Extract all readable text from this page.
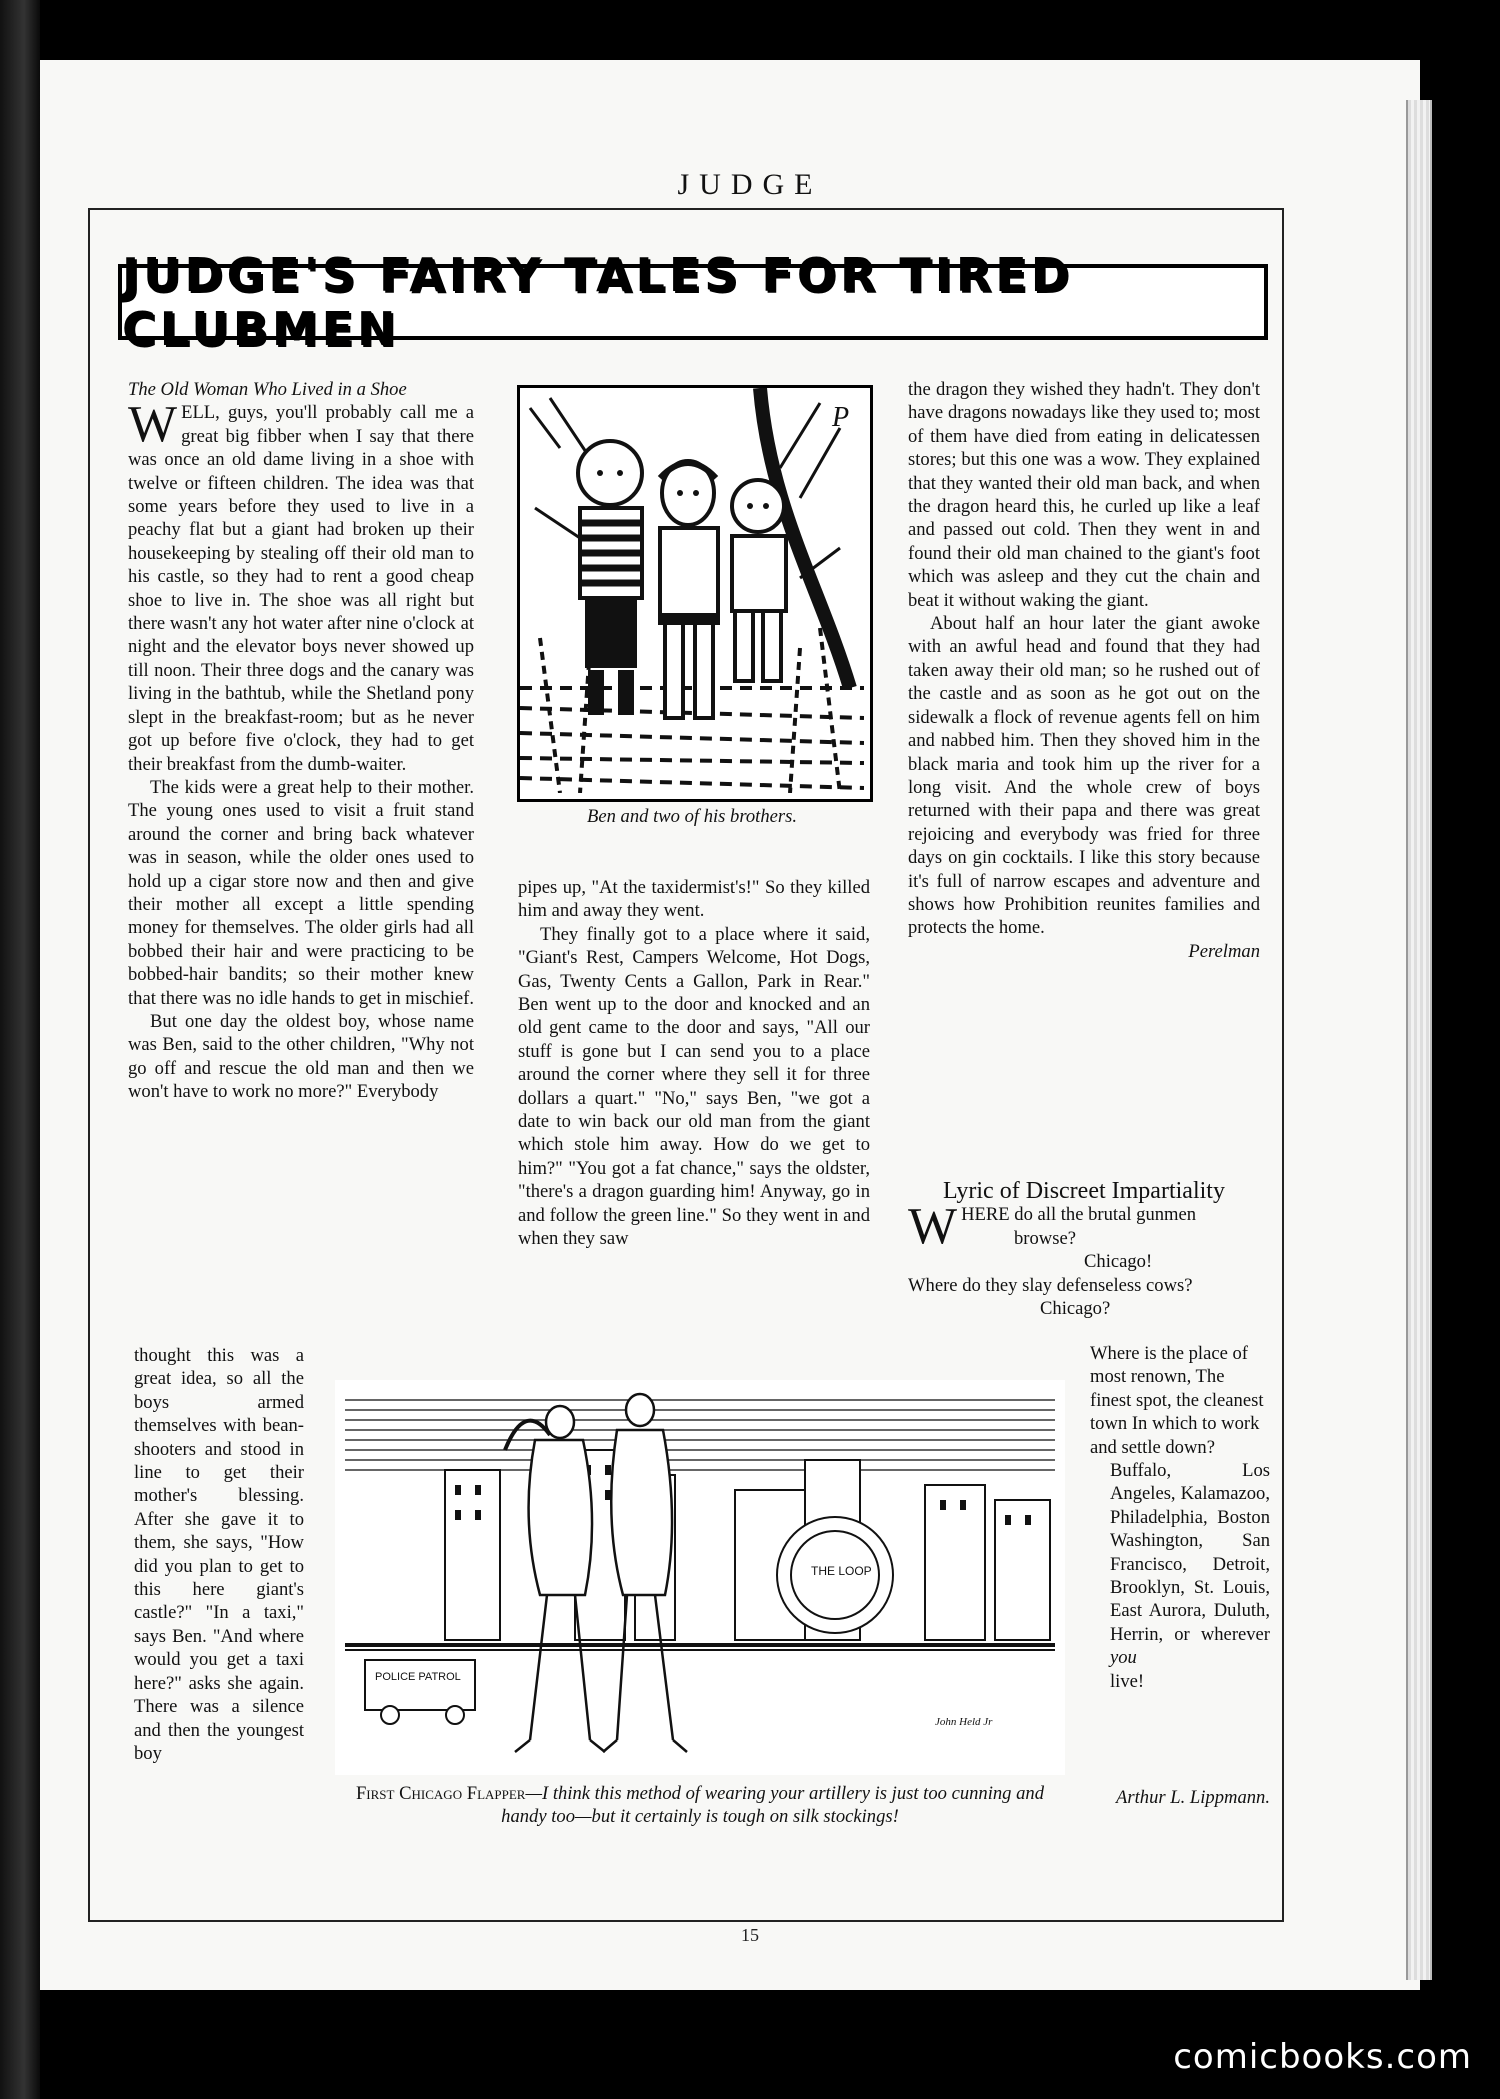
JUDGE
JUDGE'S FAIRY TALES FOR TIRED CLUBMEN

The Old Woman Who Lived in a Shoe

WELL, guys, you'll probably call me a great big fibber when I say that there was once an old dame living in a shoe with twelve or fifteen children. The idea was that some years before they used to live in a peachy flat but a giant had broken up their housekeeping by stealing off their old man to his castle, so they had to rent a good cheap shoe to live in. The shoe was all right but there wasn't any hot water after nine o'clock at night and the elevator boys never showed up till noon. Their three dogs and the canary was living in the bathtub, while the Shetland pony slept in the breakfast-room; but as he never got up before five o'clock, they had to get their breakfast from the dumb-waiter.

The kids were a great help to their mother. The young ones used to visit a fruit stand around the corner and bring back whatever was in season, while the older ones used to hold up a cigar store now and then and give their mother all except a little spending money for themselves. The older girls had all bobbed their hair and were practicing to be bobbed-hair bandits; so their mother knew that there was no idle hands to get in mischief.

But one day the oldest boy, whose name was Ben, said to the other children, "Why not go off and rescue the old man and then we won't have to work no more?" Everybody

thought this was a great idea, so all the boys armed themselves with bean-shooters and stood in line to get their mother's blessing. After she gave it to them, she says, "How did you plan to get to this here giant's castle?" "In a taxi," says Ben. "And where would you get a taxi here?" asks she again. There was a silence and then the youngest boy

P
Ben and two of his brothers.

pipes up, "At the taxidermist's!" So they killed him and away they went.

They finally got to a place where it said, "Giant's Rest, Campers Welcome, Hot Dogs, Gas, Twenty Cents a Gallon, Park in Rear." Ben went up to the door and knocked and an old gent came to the door and says, "All our stuff is gone but I can send you to a place around the corner where they sell it for three dollars a quart." "No," says Ben, "we got a date to win back our old man from the giant which stole him away. How do we get to him?" "You got a fat chance," says the oldster, "there's a dragon guarding him! Anyway, go in and follow the green line." So they went in and when they saw

the dragon they wished they hadn't. They don't have dragons nowadays like they used to; most of them have died from eating in delicatessen stores; but this one was a wow. They explained that they wanted their old man back, and when the dragon heard this, he curled up like a leaf and passed out cold. Then they went in and found their old man chained to the giant's foot which was asleep and they cut the chain and beat it without waking the giant.

About half an hour later the giant awoke with an awful head and found that they had taken away their old man; so he rushed out of the castle and as soon as he got out on the sidewalk a flock of revenue agents fell on him and nabbed him. Then they shoved him in the black maria and took him up the river for a long visit. And the whole crew of boys returned with their papa and there was great rejoicing and everybody was fried for three days on gin cocktails. I like this story because it's full of narrow escapes and adventure and shows how Prohibition reunites families and protects the home.

Perelman

Lyric of Discreet Impartiality

WHERE do all the brutal gunmen

browse?

Chicago!

Where do they slay defenseless cows?

Chicago?

Where is the place of most renown, The finest spot, the cleanest town In which to work and settle down?

Buffalo, Los Angeles, Kalamazoo, Philadelphia, Boston Washington, San Francisco, Detroit, Brooklyn, St. Louis, East Aurora, Duluth, Herrin, or wherever you
live!

Arthur L. Lippmann.

POLICE PATROL
THE LOOP
John Held Jr
First Chicago Flapper—I think this method of wearing your artillery is just too cunning and handy too—but it certainly is tough on silk stockings!
15
comicbooks.com
